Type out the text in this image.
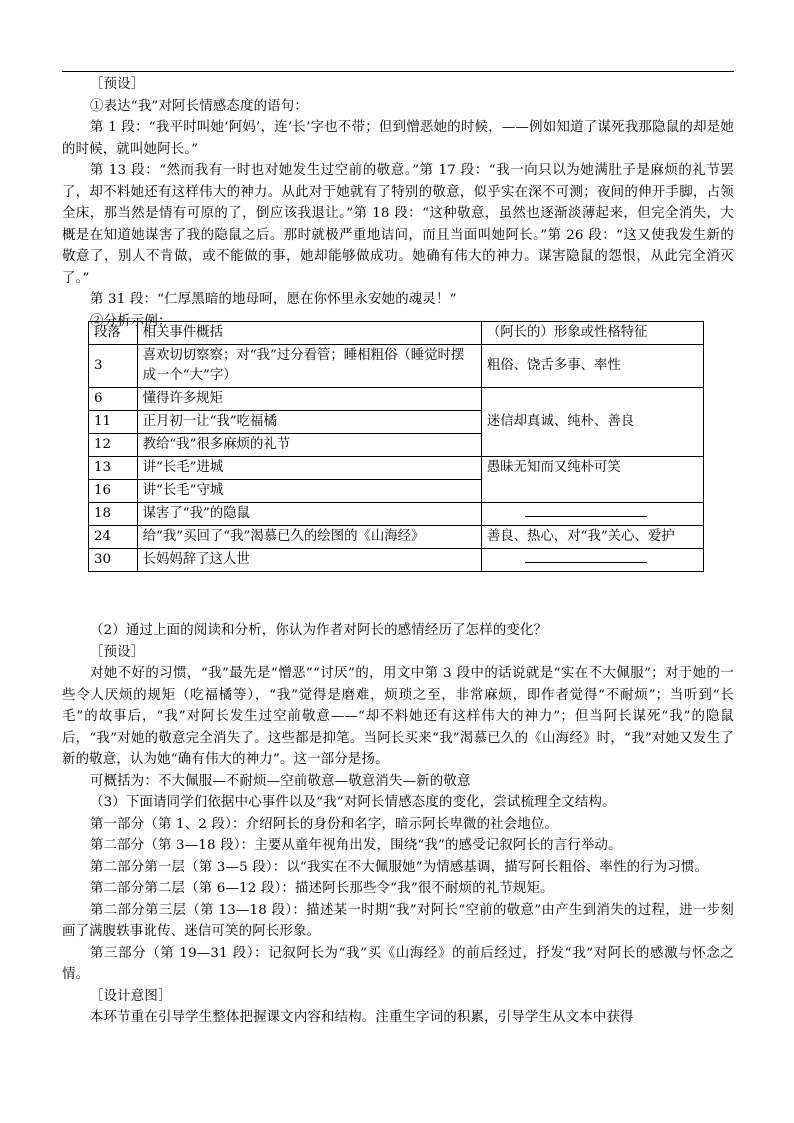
［预设］

①表达“我”对阿长情感态度的语句：

第 1 段：“我平时叫她‘阿妈’，连‘长’字也不带；但到憎恶她的时候，——例如知道了谋死我那隐鼠的却是她的时候，就叫她阿长。”

第 13 段：“然而我有一时也对她发生过空前的敬意。”第 17 段：“我一向只以为她满肚子是麻烦的礼节罢了，却不料她还有这样伟大的神力。从此对于她就有了特别的敬意，似乎实在深不可测；夜间的伸开手脚，占领全床，那当然是情有可原的了，倒应该我退让。”第 18 段：“这种敬意，虽然也逐渐淡薄起来，但完全消失，大概是在知道她谋害了我的隐鼠之后。那时就极严重地诘问，而且当面叫她阿长。”第 26 段：“这又使我发生新的敬意了，别人不肯做，或不能做的事，她却能够做成功。她确有伟大的神力。谋害隐鼠的怨恨，从此完全消灭了。”

第 31 段：“仁厚黑暗的地母呵，愿在你怀里永安她的魂灵！”

②分析示例：

段落	相关事件概括	（阿长的）形象或性格特征
3	喜欢切切察察；对“我”过分看管；睡相粗俗（睡觉时摆成一个“大”字）	粗俗、饶舌多事、率性
6	懂得许多规矩	迷信却真诚、纯朴、善良
11	正月初一让“我”吃福橘	
12	教给“我”很多麻烦的礼节	
13	讲“长毛”进城	愚昧无知而又纯朴可笑
16	讲“长毛”守城	
18	谋害了“我”的隐鼠	
24	给“我”买回了“我”渴慕已久的绘图的《山海经》	善良、热心，对“我”关心、爱护
30	长妈妈辞了这人世	

（2）通过上面的阅读和分析，你认为作者对阿长的感情经历了怎样的变化？

［预设］

对她不好的习惯，“我”最先是“憎恶”“讨厌”的，用文中第 3 段中的话说就是“实在不大佩服”；对于她的一些令人厌烦的规矩（吃福橘等），“我”觉得是磨难，烦琐之至，非常麻烦，即作者觉得“不耐烦”；当听到“长毛”的故事后，“我”对阿长发生过空前敬意——“却不料她还有这样伟大的神力”；但当阿长谋死“我”的隐鼠后，“我”对她的敬意完全消失了。这些都是抑笔。当阿长买来“我”渴慕已久的《山海经》时，“我”对她又发生了新的敬意，认为她“确有伟大的神力”。这一部分是扬。

可概括为：不大佩服—不耐烦—空前敬意—敬意消失—新的敬意

（3）下面请同学们依据中心事件以及“我”对阿长情感态度的变化，尝试梳理全文结构。

第一部分（第 1、2 段）：介绍阿长的身份和名字，暗示阿长卑微的社会地位。

第二部分（第 3—18 段）：主要从童年视角出发，围绕“我”的感受记叙阿长的言行举动。

第二部分第一层（第 3—5 段）：以“我实在不大佩服她”为情感基调，描写阿长粗俗、率性的行为习惯。

第二部分第二层（第 6—12 段）：描述阿长那些令“我”很不耐烦的礼节规矩。

第二部分第三层（第 13—18 段）：描述某一时期“我”对阿长“空前的敬意”由产生到消失的过程，进一步刻画了满腹轶事讹传、迷信可笑的阿长形象。

第三部分（第 19—31 段）：记叙阿长为“我”买《山海经》的前后经过，抒发“我”对阿长的感激与怀念之情。

［设计意图］

本环节重在引导学生整体把握课文内容和结构。注重生字词的积累，引导学生从文本中获得
